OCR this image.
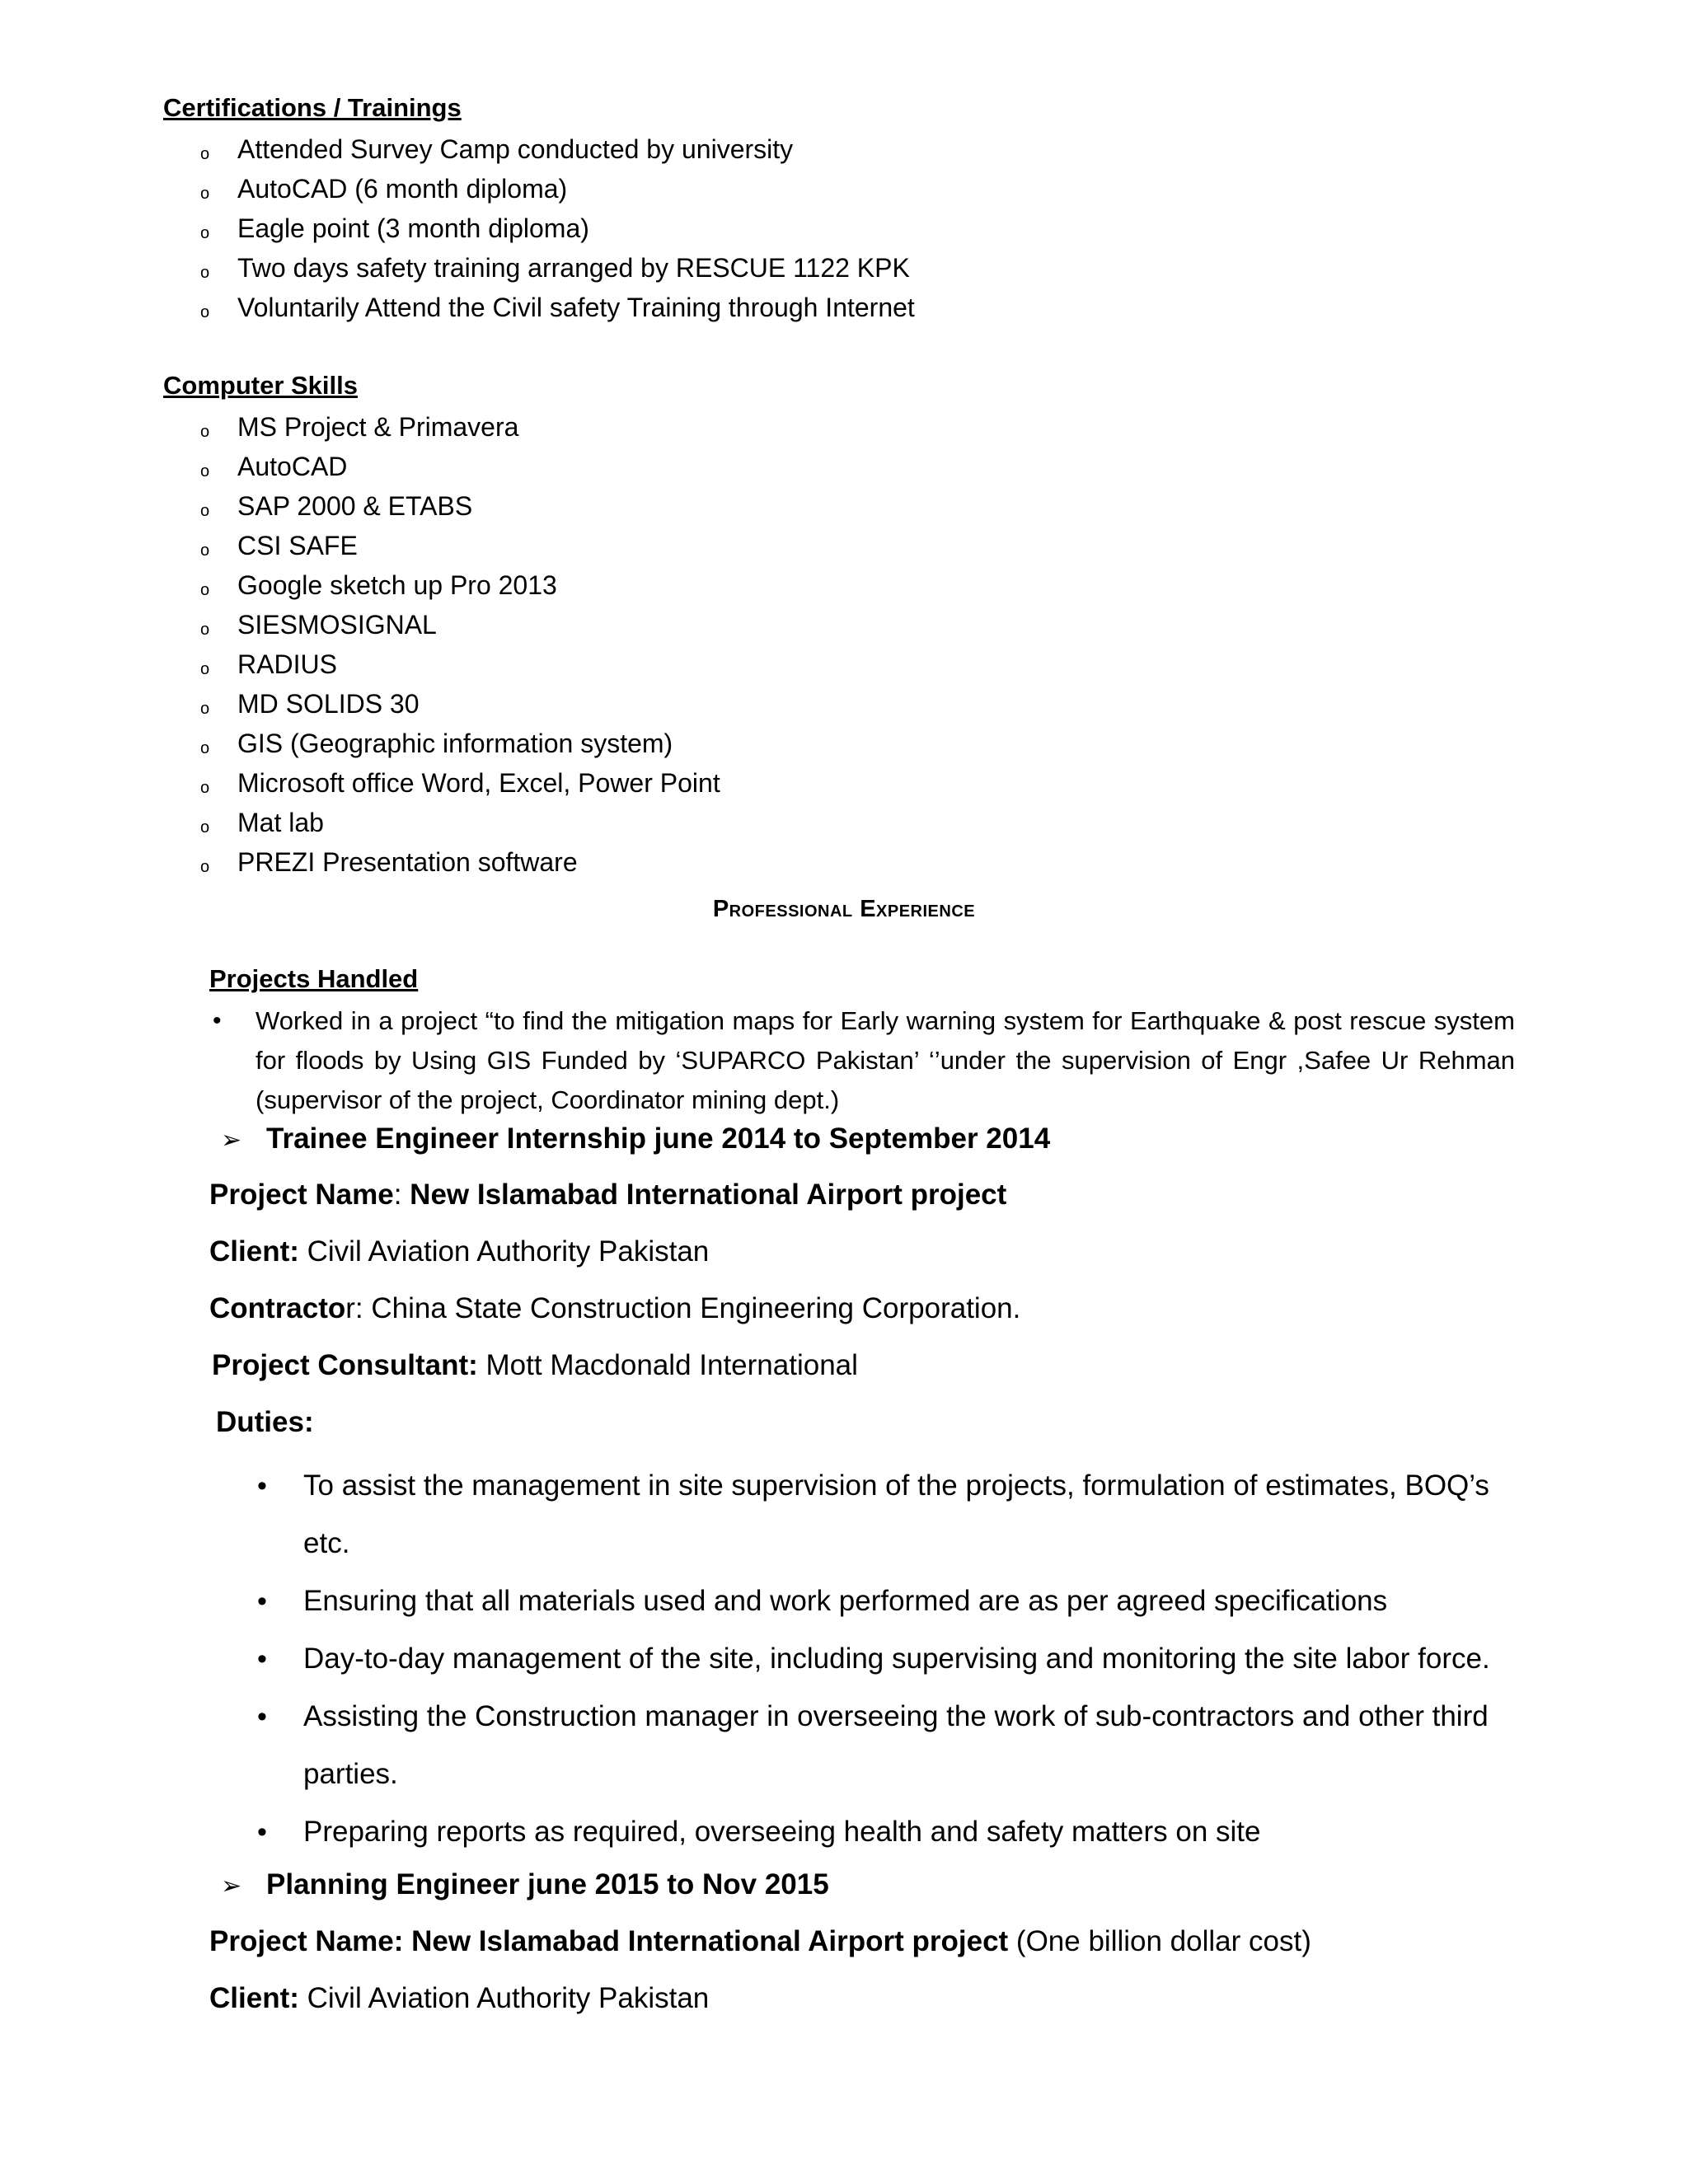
Certifications / Trainings
o Attended Survey Camp conducted by university
o AutoCAD (6 month diploma)
o Eagle point (3 month diploma)
o Two days safety training arranged by RESCUE 1122 KPK
o Voluntarily Attend the Civil safety Training through Internet
Computer Skills
o MS Project & Primavera
o AutoCAD
o SAP 2000 & ETABS
o CSI SAFE
o Google sketch up Pro 2013
o SIESMOSIGNAL
o RADIUS
o MD SOLIDS 30
o GIS (Geographic information system)
o Microsoft office Word, Excel, Power Point
o Mat lab
o PREZI Presentation software
Professional Experience
Projects Handled
• Worked in a project “to find the mitigation maps for Early warning system for Earthquake & post rescue system for floods by Using GIS Funded by ‘SUPARCO Pakistan’ ‘’under the supervision of Engr ,Safee Ur Rehman (supervisor of the project, Coordinator mining dept.)
➢ Trainee Engineer Internship june 2014 to September 2014
Project Name: New Islamabad International Airport project
Client: Civil Aviation Authority Pakistan
Contractor: China State Construction Engineering Corporation.
Project Consultant: Mott Macdonald International
Duties:
• To assist the management in site supervision of the projects, formulation of estimates, BOQ’s etc.
• Ensuring that all materials used and work performed are as per agreed specifications
• Day-to-day management of the site, including supervising and monitoring the site labor force.
• Assisting the Construction manager in overseeing the work of sub-contractors and other third parties.
• Preparing reports as required, overseeing health and safety matters on site
➢ Planning Engineer june 2015 to Nov 2015
Project Name: New Islamabad International Airport project (One billion dollar cost)
Client: Civil Aviation Authority Pakistan
